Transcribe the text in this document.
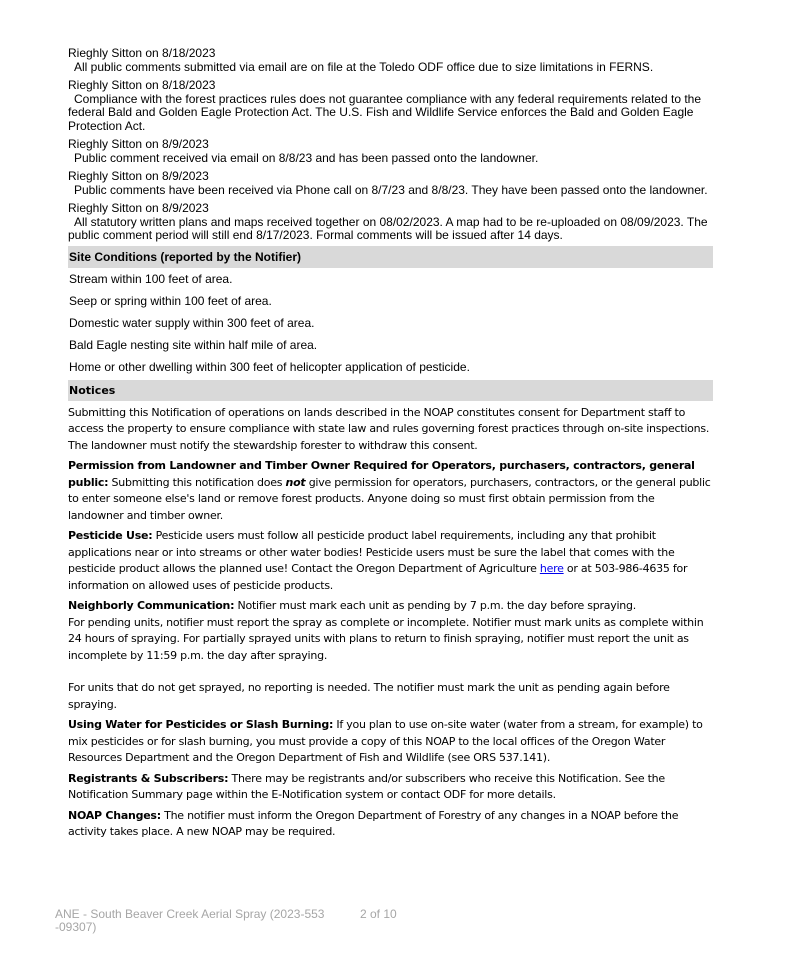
Rieghly Sitton on 8/18/2023
All public comments submitted via email are on file at the Toledo ODF office due to size limitations in FERNS.
Rieghly Sitton on 8/18/2023
Compliance with the forest practices rules does not guarantee compliance with any federal requirements related to the federal Bald and Golden Eagle Protection Act. The U.S. Fish and Wildlife Service enforces the Bald and Golden Eagle Protection Act.
Rieghly Sitton on 8/9/2023
Public comment received via email on 8/8/23 and has been passed onto the landowner.
Rieghly Sitton on 8/9/2023
Public comments have been received via Phone call on 8/7/23 and 8/8/23. They have been passed onto the landowner.
Rieghly Sitton on 8/9/2023
All statutory written plans and maps received together on 08/02/2023. A map had to be re-uploaded on 08/09/2023. The public comment period will still end 8/17/2023. Formal comments will be issued after 14 days.
Site Conditions (reported by the Notifier)
Stream within 100 feet of area.
Seep or spring within 100 feet of area.
Domestic water supply within 300 feet of area.
Bald Eagle nesting site within half mile of area.
Home or other dwelling within 300 feet of helicopter application of pesticide.
Notices
Submitting this Notification of operations on lands described in the NOAP constitutes consent for Department staff to access the property to ensure compliance with state law and rules governing forest practices through on-site inspections. The landowner must notify the stewardship forester to withdraw this consent.
Permission from Landowner and Timber Owner Required for Operators, purchasers, contractors, general public: Submitting this notification does not give permission for operators, purchasers, contractors, or the general public to enter someone else's land or remove forest products. Anyone doing so must first obtain permission from the landowner and timber owner.
Pesticide Use: Pesticide users must follow all pesticide product label requirements, including any that prohibit applications near or into streams or other water bodies! Pesticide users must be sure the label that comes with the pesticide product allows the planned use! Contact the Oregon Department of Agriculture here or at 503-986-4635 for information on allowed uses of pesticide products.
Neighborly Communication: Notifier must mark each unit as pending by 7 p.m. the day before spraying.
For pending units, notifier must report the spray as complete or incomplete. Notifier must mark units as complete within 24 hours of spraying. For partially sprayed units with plans to return to finish spraying, notifier must report the unit as incomplete by 11:59 p.m. the day after spraying.
For units that do not get sprayed, no reporting is needed. The notifier must mark the unit as pending again before spraying.
Using Water for Pesticides or Slash Burning: If you plan to use on-site water (water from a stream, for example) to mix pesticides or for slash burning, you must provide a copy of this NOAP to the local offices of the Oregon Water Resources Department and the Oregon Department of Fish and Wildlife (see ORS 537.141).
Registrants & Subscribers: There may be registrants and/or subscribers who receive this Notification. See the Notification Summary page within the E-Notification system or contact ODF for more details.
NOAP Changes: The notifier must inform the Oregon Department of Forestry of any changes in a NOAP before the activity takes place. A new NOAP may be required.
ANE - South Beaver Creek Aerial Spray (2023-553 -09307)
2 of 10
